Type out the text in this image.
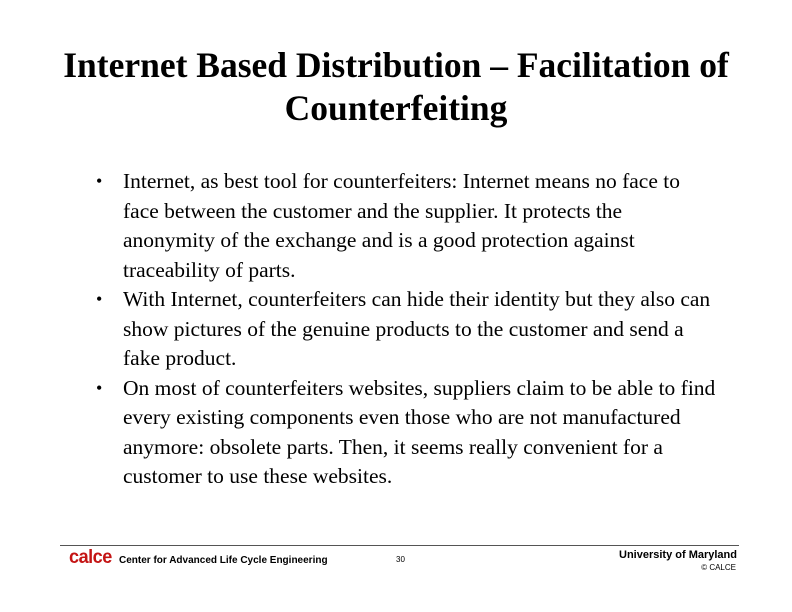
Internet Based Distribution – Facilitation of Counterfeiting
• Internet, as best tool for counterfeiters: Internet means no face to face between the customer and the supplier. It protects the anonymity of the exchange and is a good protection against traceability of parts.
• With Internet, counterfeiters can hide their identity but they also can show pictures of the genuine products to the customer and send a fake product.
• On most of counterfeiters websites, suppliers claim to be able to find every existing components even those who are not manufactured anymore: obsolete parts. Then, it seems really convenient for a customer to use these websites.
calce Center for Advanced Life Cycle Engineering	30	University of Maryland
© CALCE
